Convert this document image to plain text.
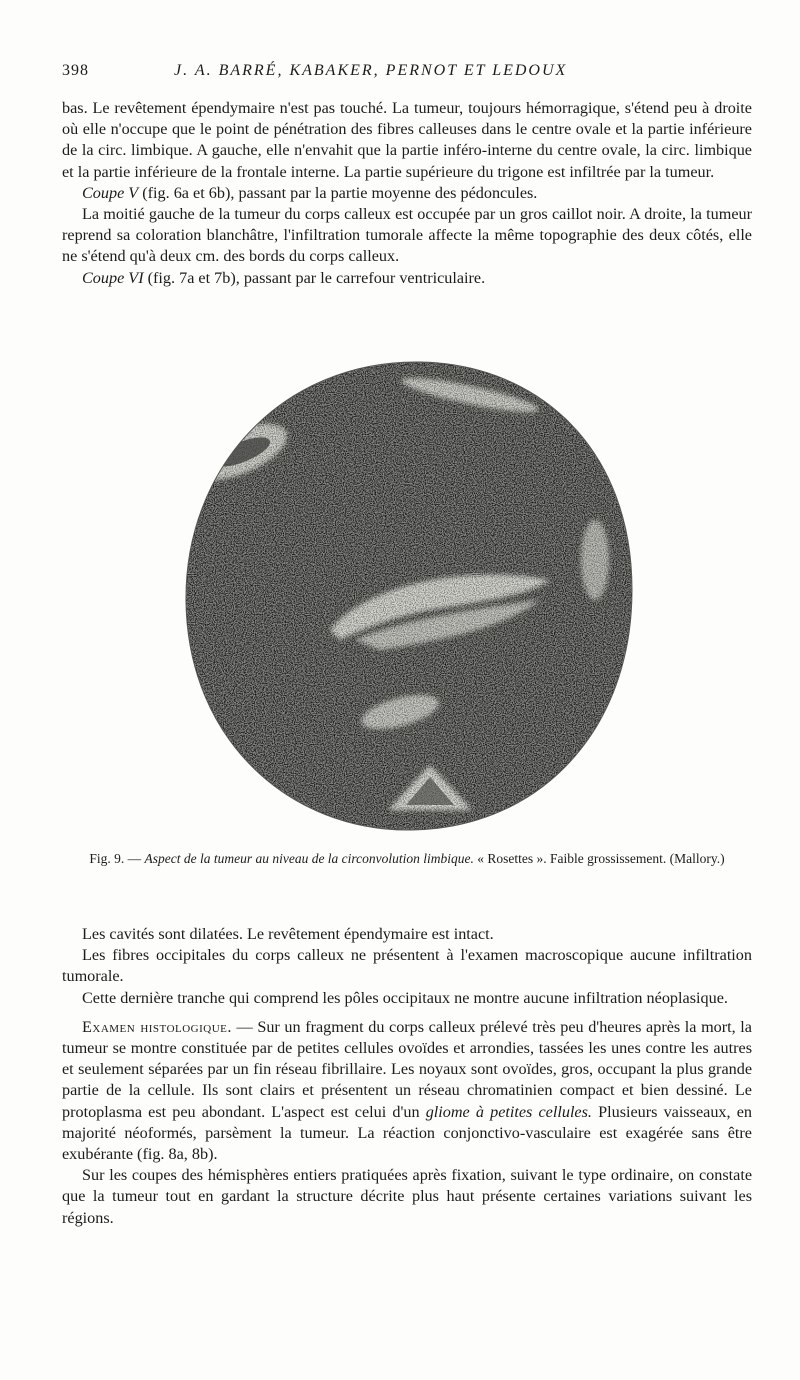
398	J. A. BARRÉ, KABAKER, PERNOT ET LEDOUX

bas. Le revêtement épendymaire n'est pas touché. La tumeur, toujours hémorragique, s'étend peu à droite où elle n'occupe que le point de pénétration des fibres calleuses dans le centre ovale et la partie inférieure de la circ. limbique. A gauche, elle n'envahit que la partie inféro-interne du centre ovale, la circ. limbique et la partie inférieure de la frontale interne. La partie supérieure du trigone est infiltrée par la tumeur.

Coupe V (fig. 6a et 6b), passant par la partie moyenne des pédoncules.

La moitié gauche de la tumeur du corps calleux est occupée par un gros caillot noir. A droite, la tumeur reprend sa coloration blanchâtre, l'infiltration tumorale affecte la même topographie des deux côtés, elle ne s'étend qu'à deux cm. des bords du corps calleux.

Coupe VI (fig. 7a et 7b), passant par le carrefour ventriculaire.

Fig. 9. — Aspect de la tumeur au niveau de la circonvolution limbique. « Rosettes ». Faible grossissement. (Mallory.)

Les cavités sont dilatées. Le revêtement épendymaire est intact.

Les fibres occipitales du corps calleux ne présentent à l'examen macroscopique aucune infiltration tumorale.

Cette dernière tranche qui comprend les pôles occipitaux ne montre aucune infiltration néoplasique.

Examen histologique. — Sur un fragment du corps calleux prélevé très peu d'heures après la mort, la tumeur se montre constituée par de petites cellules ovoïdes et arrondies, tassées les unes contre les autres et seulement séparées par un fin réseau fibrillaire. Les noyaux sont ovoïdes, gros, occupant la plus grande partie de la cellule. Ils sont clairs et présentent un réseau chromatinien compact et bien dessiné. Le protoplasma est peu abondant. L'aspect est celui d'un gliome à petites cellules. Plusieurs vaisseaux, en majorité néoformés, parsèment la tumeur. La réaction conjonctivo-vasculaire est exagérée sans être exubérante (fig. 8a, 8b).

Sur les coupes des hémisphères entiers pratiquées après fixation, suivant le type ordinaire, on constate que la tumeur tout en gardant la structure décrite plus haut présente certaines variations suivant les régions.
